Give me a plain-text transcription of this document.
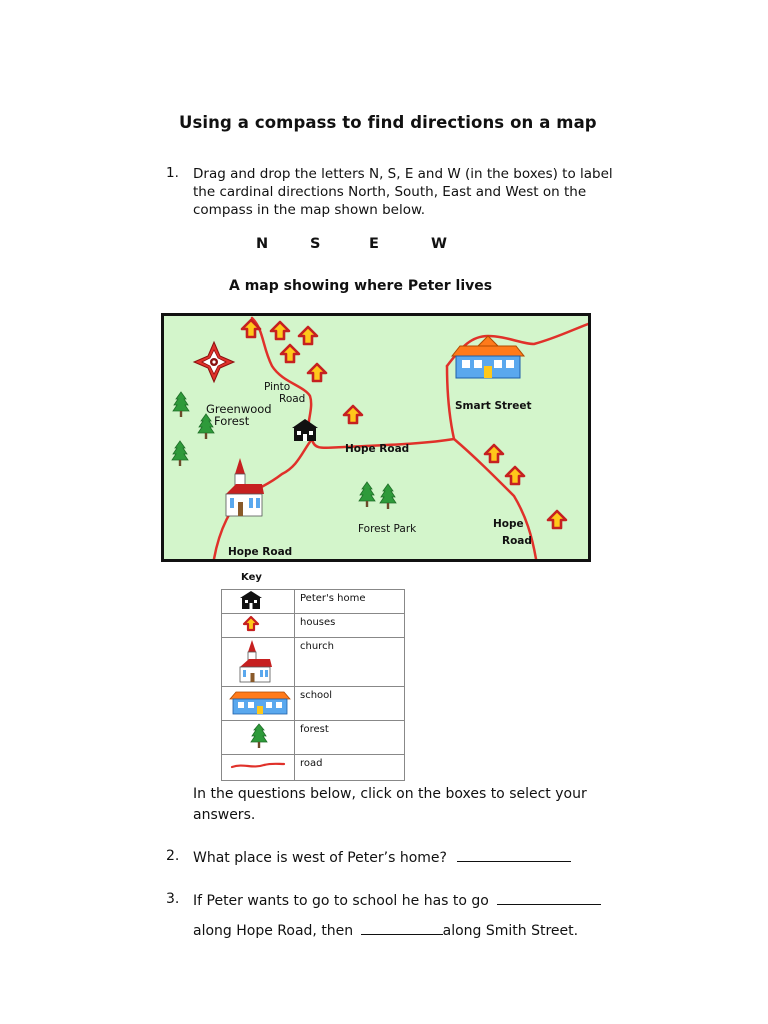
Using a compass to find directions on a map
1. Drag and drop the letters N, S, E and W (in the boxes) to label
the cardinal directions North, South, East and West on the
compass in the map shown below.
N	S	E	W
A map showing where Peter lives
Pinto
Road
Greenwood
Forest
Smart Street
Hope Road
Forest Park	Hope
Road
Hope Road
Key
	Peter's home
	houses
	church
	school
	forest
	road
In the questions below, click on the boxes to select your
answers.
2. What place is west of Peter’s home?
3. If Peter wants to go to school he has to go
along Hope Road, then	along Smith Street.
